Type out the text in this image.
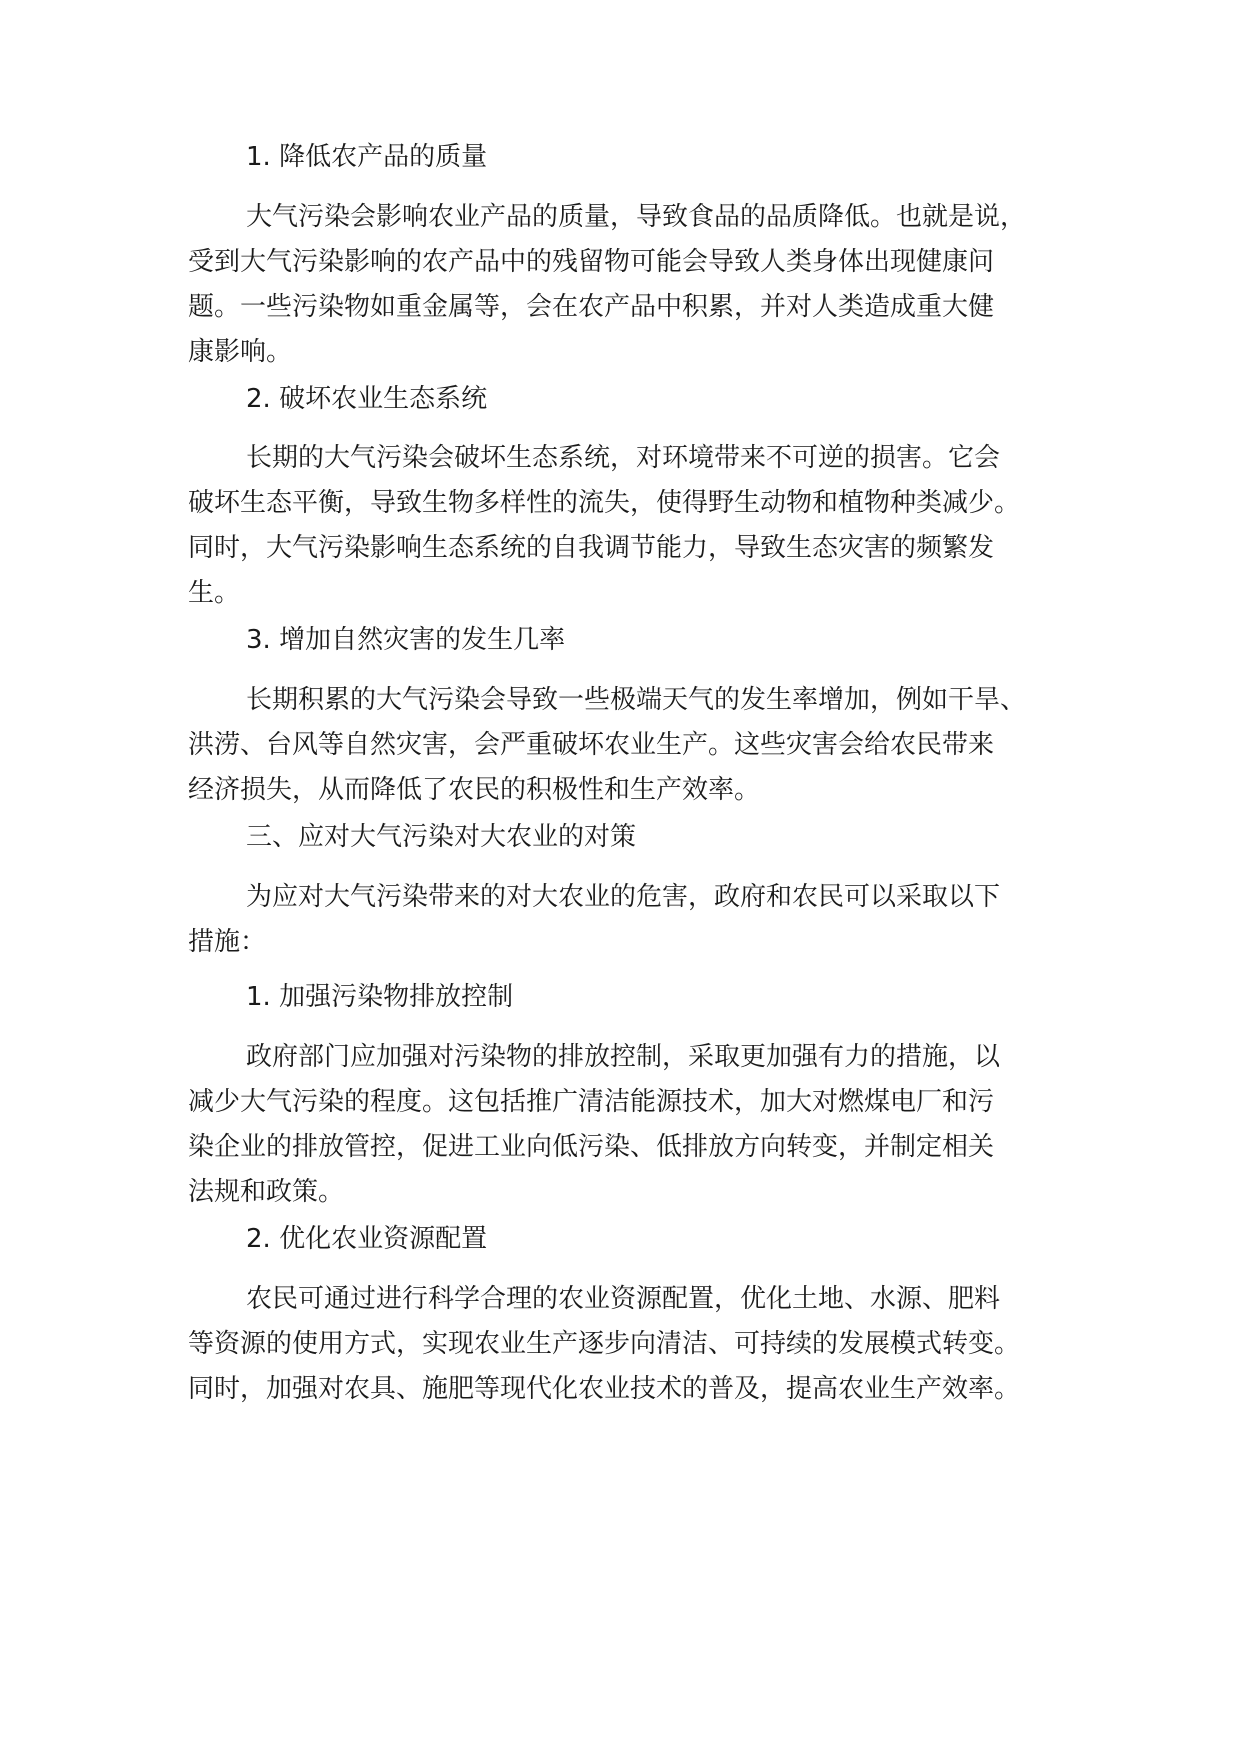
1. 降低农产品的质量
大气污染会影响农业产品的质量，导致食品的品质降低。也就是说，
受到大气污染影响的农产品中的残留物可能会导致人类身体出现健康问
题。一些污染物如重金属等，会在农产品中积累，并对人类造成重大健
康影响。
2. 破坏农业生态系统
长期的大气污染会破坏生态系统，对环境带来不可逆的损害。它会
破坏生态平衡，导致生物多样性的流失，使得野生动物和植物种类减少。
同时，大气污染影响生态系统的自我调节能力，导致生态灾害的频繁发
生。
3. 增加自然灾害的发生几率
长期积累的大气污染会导致一些极端天气的发生率增加，例如干旱、
洪涝、台风等自然灾害，会严重破坏农业生产。这些灾害会给农民带来
经济损失，从而降低了农民的积极性和生产效率。
三、应对大气污染对大农业的对策
为应对大气污染带来的对大农业的危害，政府和农民可以采取以下
措施：
1. 加强污染物排放控制
政府部门应加强对污染物的排放控制，采取更加强有力的措施，以
减少大气污染的程度。这包括推广清洁能源技术，加大对燃煤电厂和污
染企业的排放管控，促进工业向低污染、低排放方向转变，并制定相关
法规和政策。
2. 优化农业资源配置
农民可通过进行科学合理的农业资源配置，优化土地、水源、肥料
等资源的使用方式，实现农业生产逐步向清洁、可持续的发展模式转变。
同时，加强对农具、施肥等现代化农业技术的普及，提高农业生产效率。
